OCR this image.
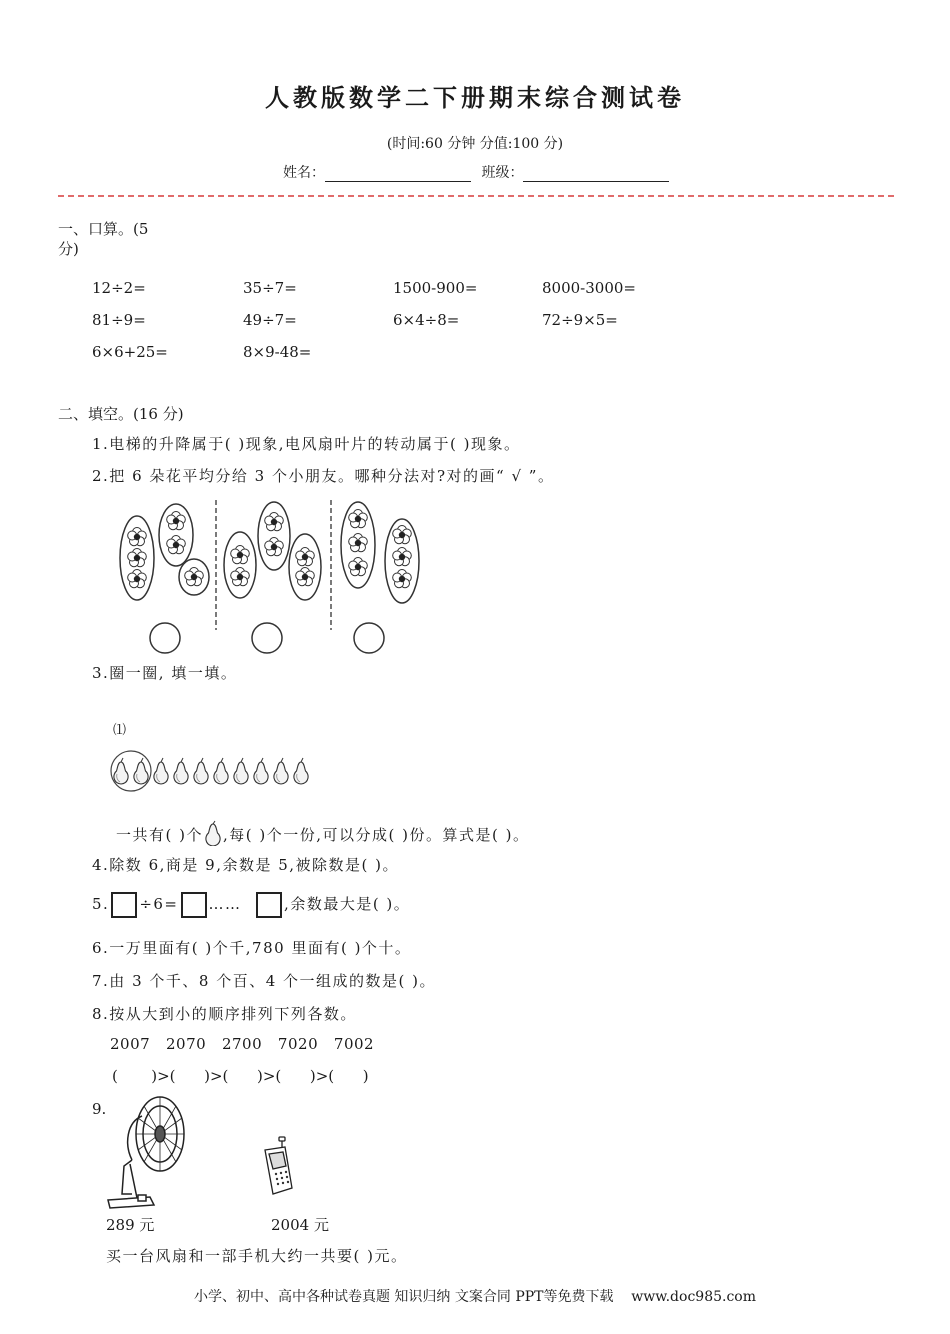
人教版数学二下册期末综合测试卷
(时间:60 分钟 分值:100 分)
姓名：	班级：
一、口算。(5
分)
12÷2=	35÷7=	1500-900=	8000-3000=
81÷9=	49÷7=	6×4÷8=	72÷9×5=
6×6+25=	8×9-48=
二、填空。(16 分)
1.电梯的升降属于( )现象,电风扇叶片的转动属于( )现象。
2.把 6 朵花平均分给 3 个小朋友。哪种分法对?对的画“ √ ”。
3.圈一圈, 填一填。
⑴
一共有( )个 ,每( )个一份,可以分成( )份。算式是( )。
4.除数 6,商是 9,余数是 5,被除数是( )。
5. ÷6= ……	,余数最大是( )。
6.一万里面有( )个千,780 里面有( )个十。
7.由 3 个千、8 个百、4 个一组成的数是( )。
8.按从大到小的顺序排列下列各数。
2007   2070   2700   7020   7002
(       )>(      )>(      )>(      )>(      )
9.
289 元	2004 元
买一台风扇和一部手机大约一共要( )元。
小学、初中、高中各种试卷真题 知识归纳 文案合同 PPT等免费下载    www.doc985.com
